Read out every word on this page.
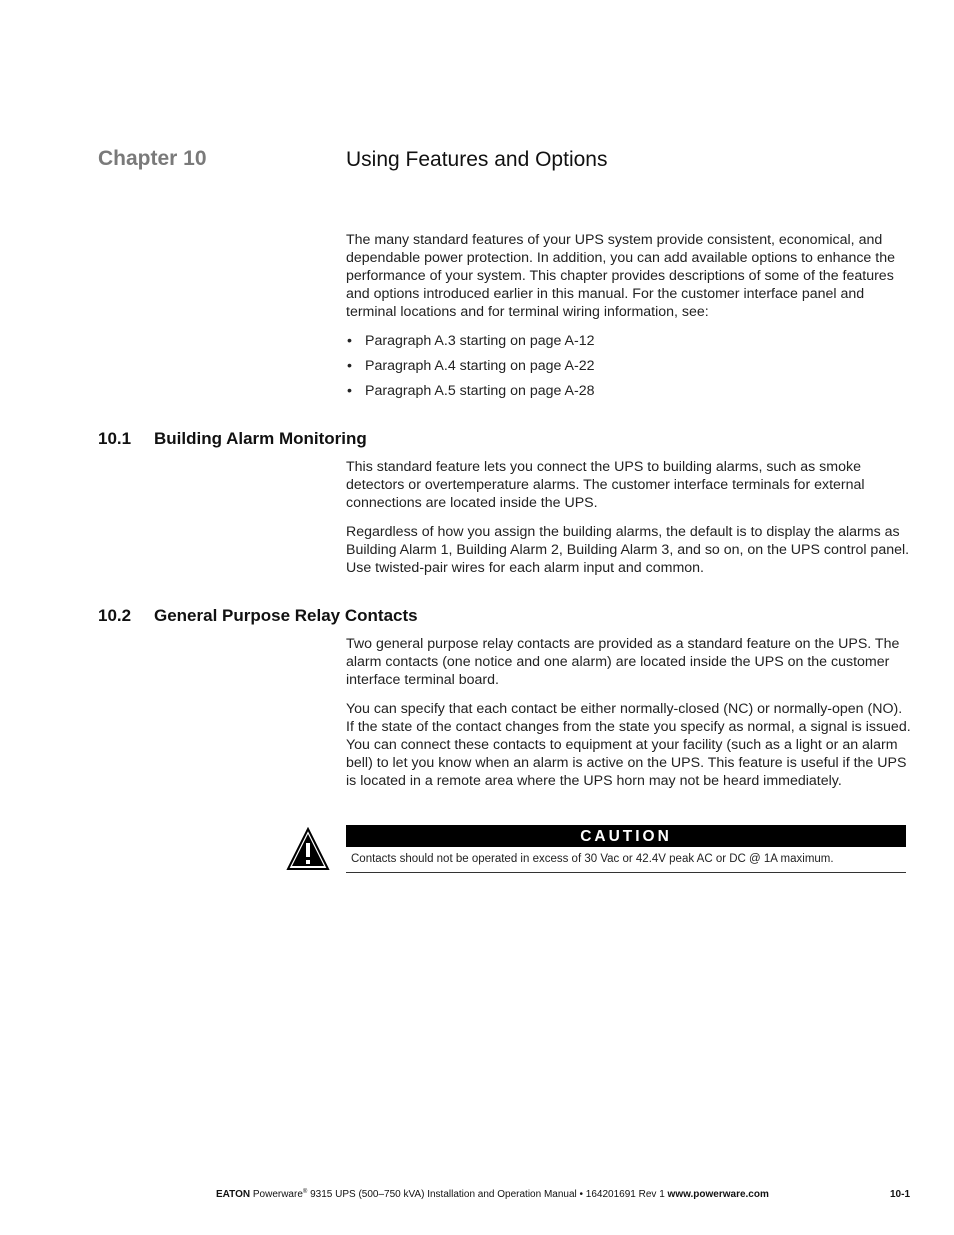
Chapter 10	Using Features and Options

The many standard features of your UPS system provide consistent, economical, and dependable power protection. In addition, you can add available options to enhance the performance of your system. This chapter provides descriptions of some of the features and options introduced earlier in this manual. For the customer interface panel and terminal locations and for terminal wiring information, see:

• Paragraph A.3 starting on page A-12
• Paragraph A.4 starting on page A-22
• Paragraph A.5 starting on page A-28
10.1 Building Alarm Monitoring

This standard feature lets you connect the UPS to building alarms, such as smoke detectors or overtemperature alarms. The customer interface terminals for external connections are located inside the UPS.

Regardless of how you assign the building alarms, the default is to display the alarms as Building Alarm 1, Building Alarm 2, Building Alarm 3, and so on, on the UPS control panel. Use twisted-pair wires for each alarm input and common.

10.2 General Purpose Relay Contacts

Two general purpose relay contacts are provided as a standard feature on the UPS. The alarm contacts (one notice and one alarm) are located inside the UPS on the customer interface terminal board.

You can specify that each contact be either normally-closed (NC) or normally-open (NO). If the state of the contact changes from the state you specify as normal, a signal is issued. You can connect these contacts to equipment at your facility (such as a light or an alarm bell) to let you know when an alarm is active on the UPS. This feature is useful if the UPS is located in a remote area where the UPS horn may not be heard immediately.

CAUTION
Contacts should not be operated in excess of 30 Vac or 42.4V peak AC or DC @ 1A maximum.
EATON Powerware® 9315 UPS (500–750 kVA) Installation and Operation Manual • 164201691 Rev 1 www.powerware.com	10-1
